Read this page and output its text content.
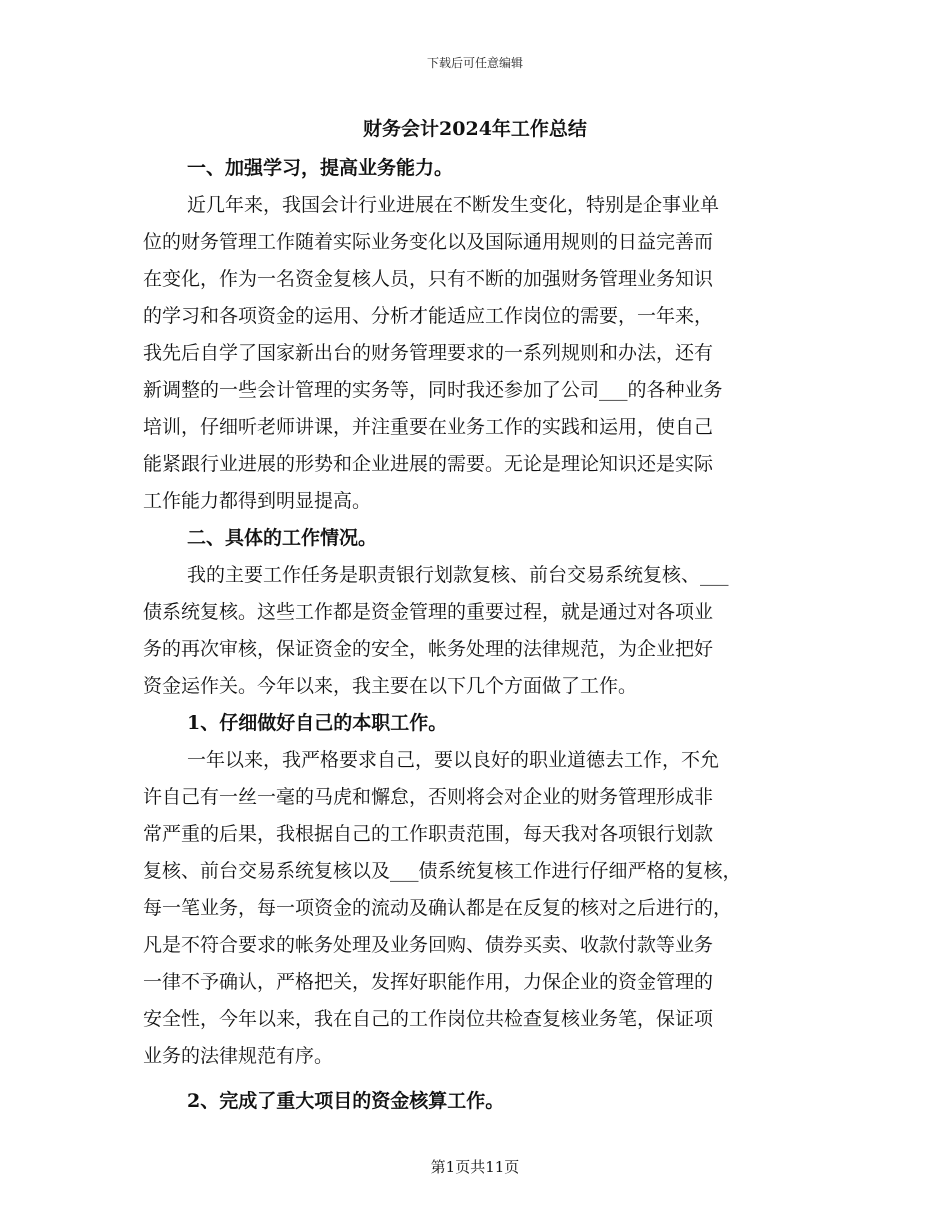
下载后可任意编辑
财务会计2024年工作总结
一、加强学习，提高业务能力。
近几年来，我国会计行业进展在不断发生变化，特别是企事业单
位的财务管理工作随着实际业务变化以及国际通用规则的日益完善而
在变化，作为一名资金复核人员，只有不断的加强财务管理业务知识
的学习和各项资金的运用、分析才能适应工作岗位的需要，一年来，
我先后自学了国家新出台的财务管理要求的一系列规则和办法，还有
新调整的一些会计管理的实务等，同时我还参加了公司___的各种业务
培训，仔细听老师讲课，并注重要在业务工作的实践和运用，使自己
能紧跟行业进展的形势和企业进展的需要。无论是理论知识还是实际
工作能力都得到明显提高。
二、具体的工作情况。
我的主要工作任务是职责银行划款复核、前台交易系统复核、___
债系统复核。这些工作都是资金管理的重要过程，就是通过对各项业
务的再次审核，保证资金的安全，帐务处理的法律规范，为企业把好
资金运作关。今年以来，我主要在以下几个方面做了工作。
1、仔细做好自己的本职工作。
一年以来，我严格要求自己，要以良好的职业道德去工作，不允
许自己有一丝一毫的马虎和懈怠，否则将会对企业的财务管理形成非
常严重的后果，我根据自己的工作职责范围，每天我对各项银行划款
复核、前台交易系统复核以及___债系统复核工作进行仔细严格的复核，
每一笔业务，每一项资金的流动及确认都是在反复的核对之后进行的，
凡是不符合要求的帐务处理及业务回购、债券买卖、收款付款等业务
一律不予确认，严格把关，发挥好职能作用，力保企业的资金管理的
安全性，今年以来，我在自己的工作岗位共检查复核业务笔，保证项
业务的法律规范有序。
2、完成了重大项目的资金核算工作。
第1页共11页
